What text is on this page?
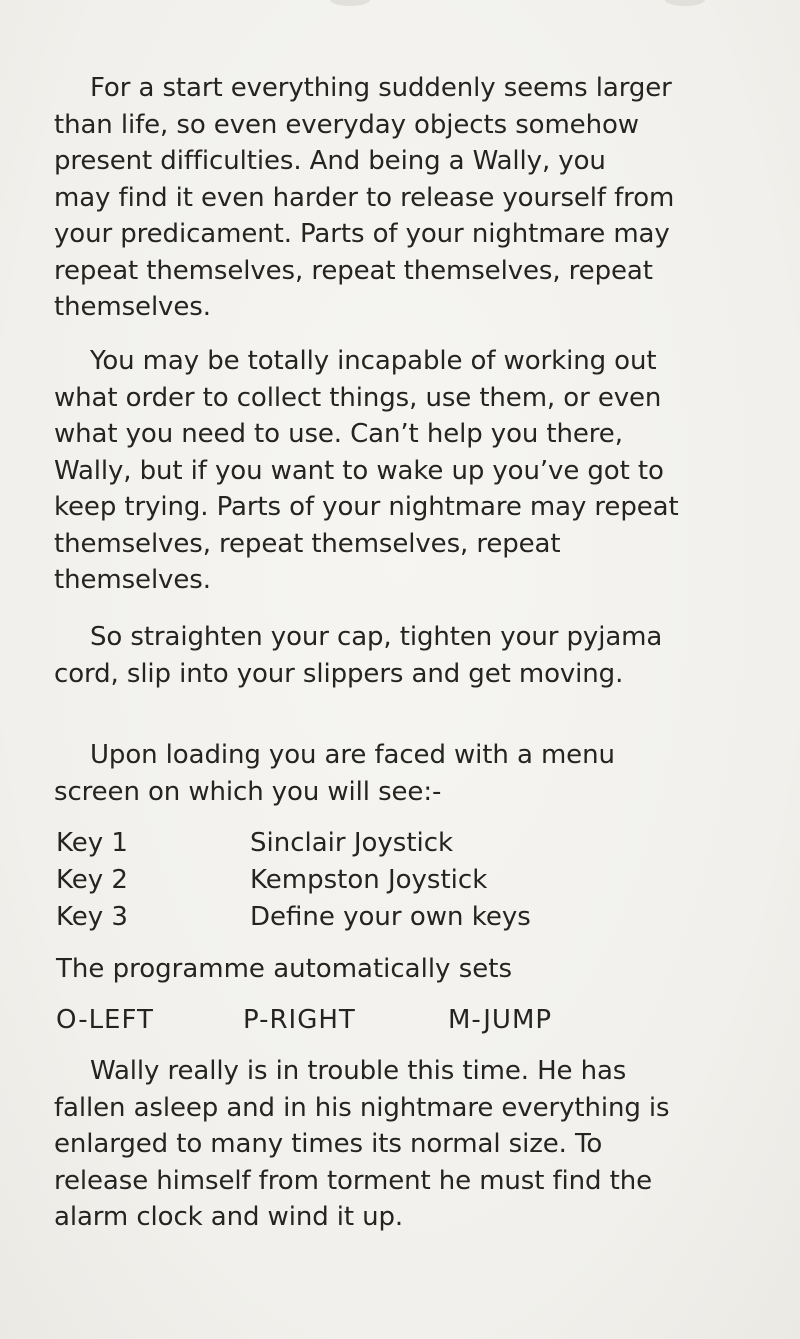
For a start everything suddenly seems larger
than life, so even everyday objects somehow
present difficulties. And being a Wally, you
may find it even harder to release yourself from
your predicament. Parts of your nightmare may
repeat themselves, repeat themselves, repeat
themselves.

You may be totally incapable of working out
what order to collect things, use them, or even
what you need to use. Can’t help you there,
Wally, but if you want to wake up you’ve got to
keep trying. Parts of your nightmare may repeat
themselves, repeat themselves, repeat
themselves.

So straighten your cap, tighten your pyjama
cord, slip into your slippers and get moving.

Upon loading you are faced with a menu
screen on which you will see:-

Key 1	Sinclair Joystick
Key 2	Kempston Joystick
Key 3	Define your own keys
The programme automatically sets
O-LEFT	P-RIGHT	M-JUMP

Wally really is in trouble this time. He has
fallen asleep and in his nightmare everything is
enlarged to many times its normal size. To
release himself from torment he must find the
alarm clock and wind it up.
